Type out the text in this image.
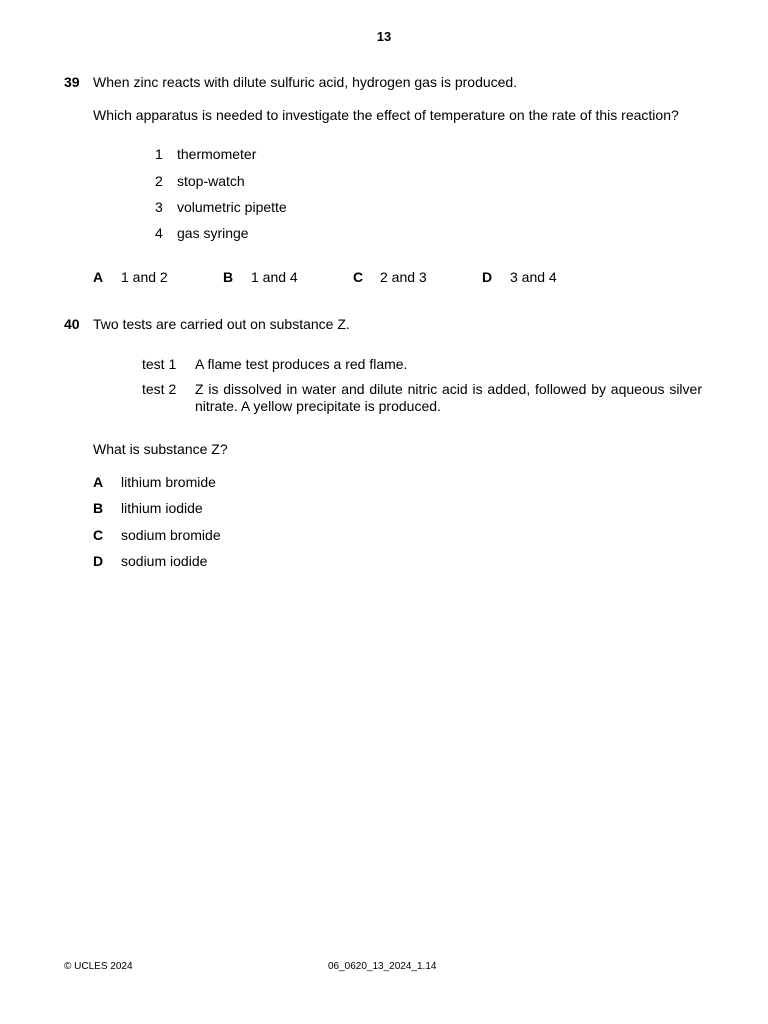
13
39 When zinc reacts with dilute sulfuric acid, hydrogen gas is produced.
Which apparatus is needed to investigate the effect of temperature on the rate of this reaction?
1 thermometer
2 stop-watch
3 volumetric pipette
4 gas syringe
A 1 and 2	B 1 and 4	C 2 and 3	D 3 and 4
40 Two tests are carried out on substance Z.
test 1 A flame test produces a red flame.
test 2 Z is dissolved in water and dilute nitric acid is added, followed by aqueous silver nitrate. A yellow precipitate is produced.
What is substance Z?
A lithium bromide
B lithium iodide
C sodium bromide
D sodium iodide
© UCLES 2024	06_0620_13_2024_1.14
